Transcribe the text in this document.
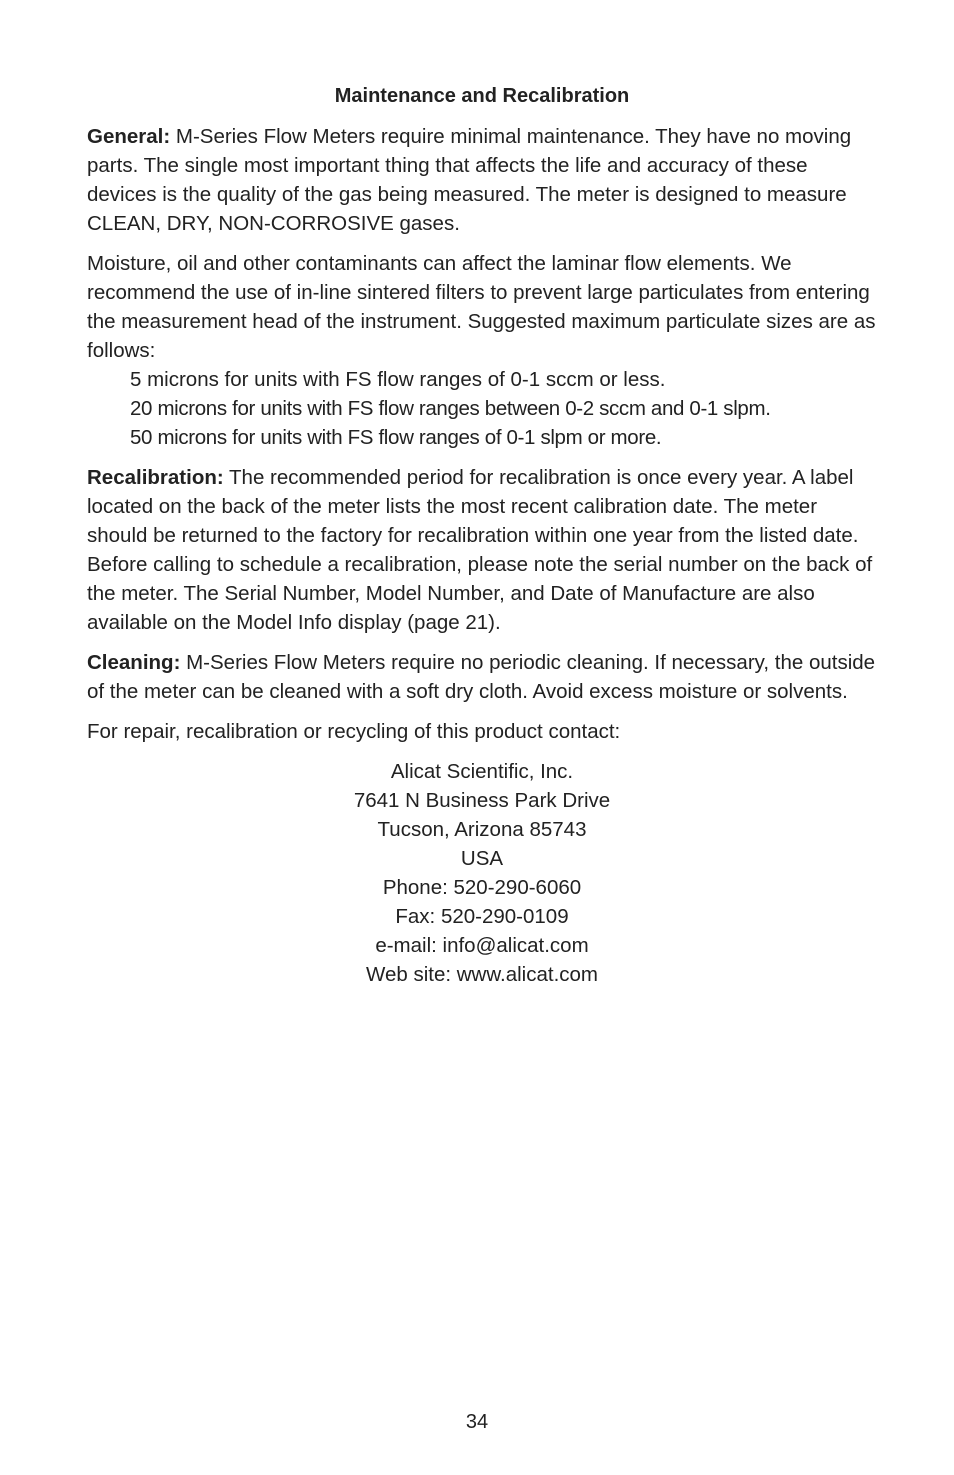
Maintenance and Recalibration

General: M-Series Flow Meters require minimal maintenance. They have no moving parts. The single most important thing that affects the life and accuracy of these devices is the quality of the gas being measured. The meter is designed to measure CLEAN, DRY, NON-CORROSIVE gases.

Moisture, oil and other contaminants can affect the laminar flow elements. We recommend the use of in-line sintered filters to prevent large particulates from entering the measurement head of the instrument. Suggested maximum particulate sizes are as follows:

5 microns for units with FS flow ranges of 0-1 sccm or less.
20 microns for units with FS flow ranges between 0-2 sccm and 0-1 slpm.
50 microns for units with FS flow ranges of 0-1 slpm or more.

Recalibration: The recommended period for recalibration is once every year. A label located on the back of the meter lists the most recent calibration date. The meter should be returned to the factory for recalibration within one year from the listed date. Before calling to schedule a recalibration, please note the serial number on the back of the meter. The Serial Number, Model Number, and Date of Manufacture are also available on the Model Info display (page 21).

Cleaning: M-Series Flow Meters require no periodic cleaning. If necessary, the outside of the meter can be cleaned with a soft dry cloth. Avoid excess moisture or solvents.

For repair, recalibration or recycling of this product contact:

Alicat Scientific, Inc.
7641 N Business Park Drive
Tucson, Arizona 85743
USA
Phone: 520-290-6060
Fax: 520-290-0109
e-mail: info@alicat.com
Web site: www.alicat.com
34
